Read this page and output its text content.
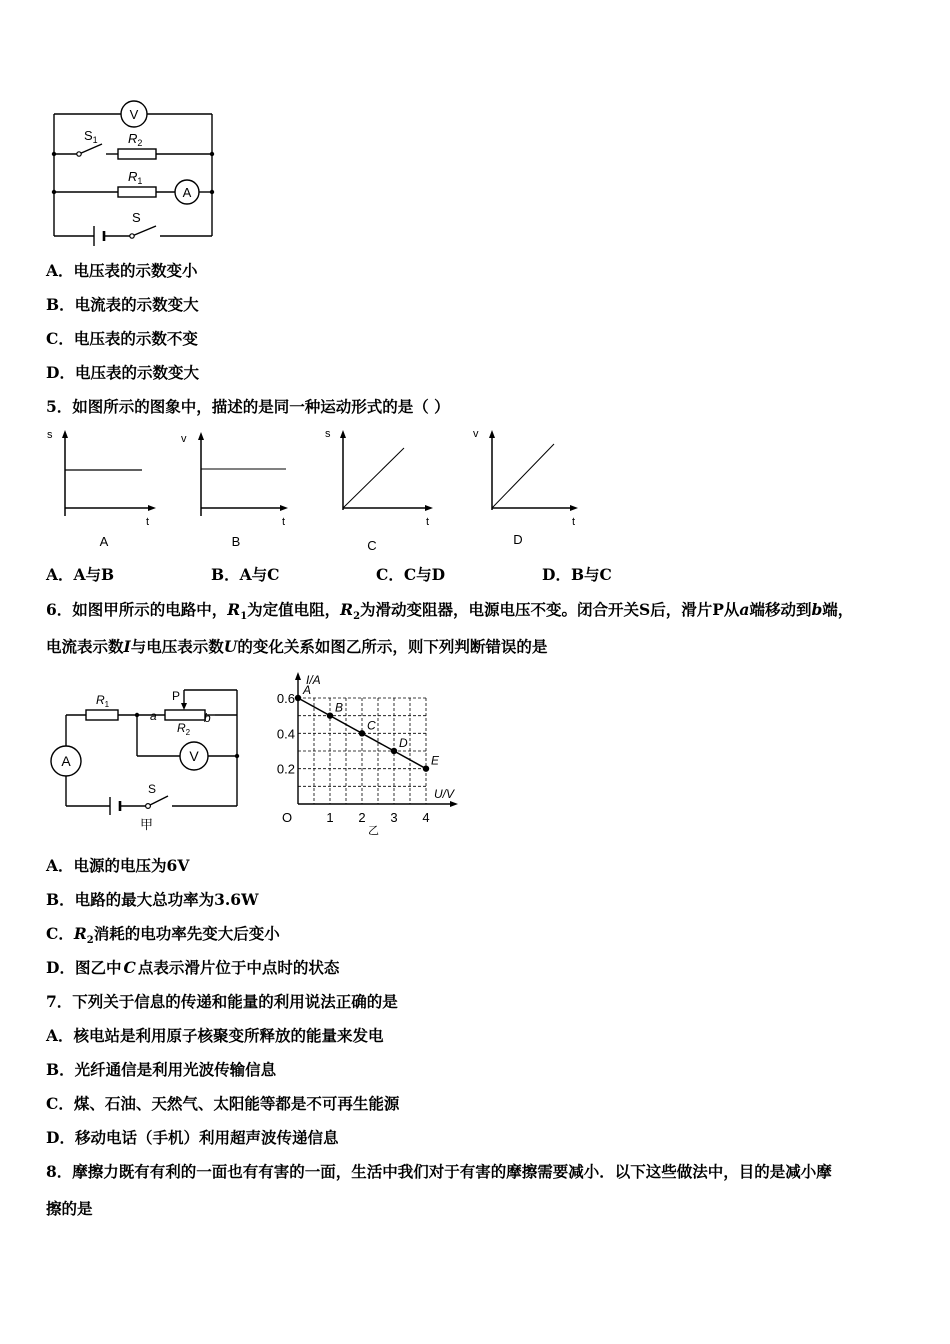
V
$S_1$ $R_2$
$R_1$
A
S
A．电压表的示数变小
B．电流表的示数变大
C．电压表的示数不变
D．电压表的示数变大
5．如图所示的图象中，描述的是同一种运动形式的是（ ）
s
t
A
v
t
B
s
t
C
v
t
D
A．A与B	B．A与C	C．C与D	D．B与C
6．如图甲所示的电路中，$R_1$为定值电阻，$R_2$为滑动变阻器，电源电压不变。闭合开关S后，滑片P从a端移动到b端，
电流表示数I与电压表示数U的变化关系如图乙所示，则下列判断错误的是
$R_1$
$R_2$
P
a	b
A	V
S
甲	1 2 3 4
0.2
0.4
0.6
A
B
C
D
E
I/A
U/V
O
乙
A．电源的电压为6V
B．电路的最大总功率为3.6W
C．$R_2$消耗的电功率先变大后变小
D．图乙中 C 点表示滑片位于中点时的状态
7．下列关于信息的传递和能量的利用说法正确的是
A．核电站是利用原子核聚变所释放的能量来发电
B．光纤通信是利用光波传输信息
C．煤、石油、天然气、太阳能等都是不可再生能源
D．移动电话（手机）利用超声波传递信息
8．摩擦力既有有利的一面也有有害的一面，生活中我们对于有害的摩擦需要减小．以下这些做法中，目的是减小摩
擦的是
